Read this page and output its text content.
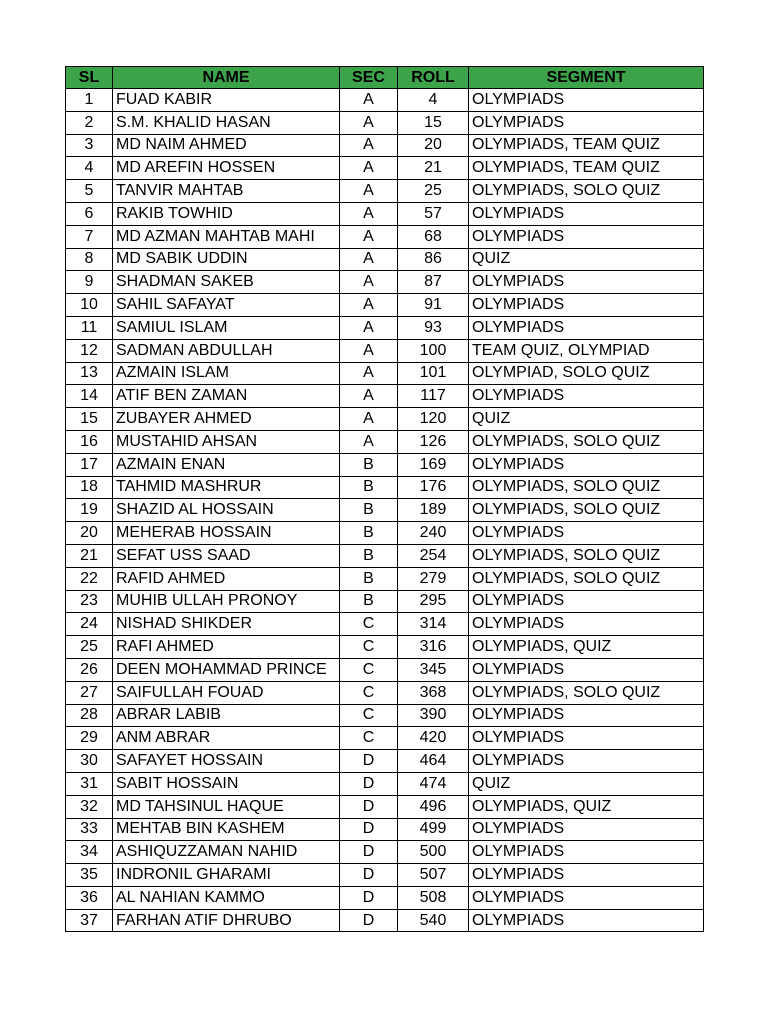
SL	NAME	SEC	ROLL	SEGMENT
1	FUAD KABIR	A	4	OLYMPIADS
2	S.M. KHALID HASAN	A	15	OLYMPIADS
3	MD NAIM AHMED	A	20	OLYMPIADS, TEAM QUIZ
4	MD AREFIN HOSSEN	A	21	OLYMPIADS, TEAM QUIZ
5	TANVIR MAHTAB	A	25	OLYMPIADS, SOLO QUIZ
6	RAKIB TOWHID	A	57	OLYMPIADS
7	MD AZMAN MAHTAB MAHI	A	68	OLYMPIADS
8	MD SABIK UDDIN	A	86	QUIZ
9	SHADMAN SAKEB	A	87	OLYMPIADS
10	SAHIL SAFAYAT	A	91	OLYMPIADS
11	SAMIUL ISLAM	A	93	OLYMPIADS
12	SADMAN ABDULLAH	A	100	TEAM QUIZ, OLYMPIAD
13	AZMAIN ISLAM	A	101	OLYMPIAD, SOLO QUIZ
14	ATIF BEN ZAMAN	A	117	OLYMPIADS
15	ZUBAYER AHMED	A	120	QUIZ
16	MUSTAHID AHSAN	A	126	OLYMPIADS, SOLO QUIZ
17	AZMAIN ENAN	B	169	OLYMPIADS
18	TAHMID MASHRUR	B	176	OLYMPIADS, SOLO QUIZ
19	SHAZID AL HOSSAIN	B	189	OLYMPIADS, SOLO QUIZ
20	MEHERAB HOSSAIN	B	240	OLYMPIADS
21	SEFAT USS SAAD	B	254	OLYMPIADS, SOLO QUIZ
22	RAFID AHMED	B	279	OLYMPIADS, SOLO QUIZ
23	MUHIB ULLAH PRONOY	B	295	OLYMPIADS
24	NISHAD SHIKDER	C	314	OLYMPIADS
25	RAFI AHMED	C	316	OLYMPIADS, QUIZ
26	DEEN MOHAMMAD PRINCE	C	345	OLYMPIADS
27	SAIFULLAH FOUAD	C	368	OLYMPIADS, SOLO QUIZ
28	ABRAR LABIB	C	390	OLYMPIADS
29	ANM ABRAR	C	420	OLYMPIADS
30	SAFAYET HOSSAIN	D	464	OLYMPIADS
31	SABIT HOSSAIN	D	474	QUIZ
32	MD TAHSINUL HAQUE	D	496	OLYMPIADS, QUIZ
33	MEHTAB BIN KASHEM	D	499	OLYMPIADS
34	ASHIQUZZAMAN NAHID	D	500	OLYMPIADS
35	INDRONIL GHARAMI	D	507	OLYMPIADS
36	AL NAHIAN KAMMO	D	508	OLYMPIADS
37	FARHAN ATIF DHRUBO	D	540	OLYMPIADS
